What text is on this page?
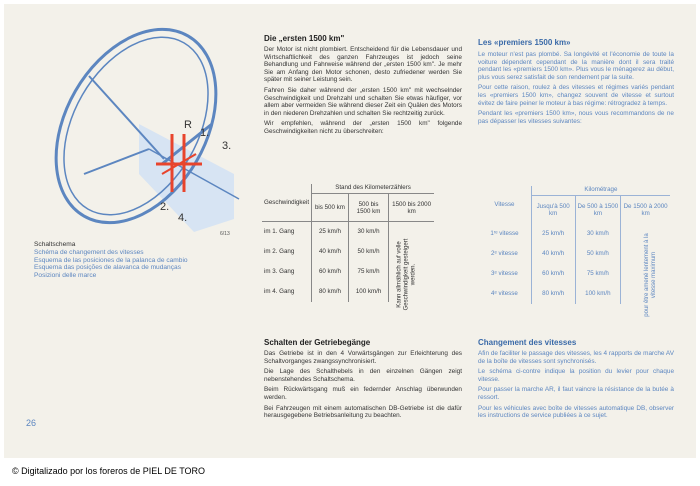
R
1.
3.
2.
4.
6/13
Schaltschema
Schéma de changement des vitesses
Esquema de las posiciones de la palanca de cambio
Esquema das posições de alavanca de mudanças
Posizioni delle marce
26
Die „ersten 1500 km"

Der Motor ist nicht plombiert. Entscheidend für die Lebensdauer und Wirtschaftlichkeit des ganzen Fahrzeuges ist jedoch seine Behandlung und Fahrweise während der „ersten 1500 km". Je mehr Sie am Anfang den Motor schonen, desto zufriedener werden Sie später mit seiner Leistung sein.

Fahren Sie daher während der „ersten 1500 km" mit wechselnder Geschwindigkeit und Drehzahl und schalten Sie etwas häufiger, vor allem aber vermeiden Sie während dieser Zeit ein Quälen des Motors in den niederen Drehzahlen und schalten Sie rechtzeitig zurück.

Wir empfehlen, während der „ersten 1500 km" folgende Geschwindigkeiten nicht zu überschreiten:

Les «premiers 1500 km»

Le moteur n'est pas plombé. Sa longévité et l'économie de toute la voiture dépendent cependant de la manière dont il sera traité pendant les «premiers 1500 km». Plus vous le ménagerez au début, plus vous serez satisfait de son rendement par la suite.

Pour cette raison, roulez à des vitesses et régimes variés pendant les «premiers 1500 km», changez souvent de vitesse et surtout évitez de faire peiner le moteur à bas régime: rétrogradez à temps.

Pendant les «premiers 1500 km», nous vous recommandons de ne pas dépasser les vitesses suivantes:

Geschwindigkeit	Stand des Kilometerzählers		
	bis 500 km	500 bis 1500 km	1500 bis 2000 km
im 1. Gang	25 km/h	30 km/h	
im 2. Gang	40 km/h	50 km/h	
im 3. Gang	60 km/h	75 km/h	
im 4. Gang	80 km/h	100 km/h		Kann allmählich auf volle Geschwindigkeit gesteigert werden.
Vitesse	Kilométrage		
	Jusqu'à 500 km	De 500 à 1500 km	De 1500 à 2000 km
1ʳᵉ vitesse	25 km/h	30 km/h	
2ᵉ vitesse	40 km/h	50 km/h	
3ᵉ vitesse	60 km/h	75 km/h	
4ᵉ vitesse	80 km/h	100 km/h		pour être amené lentement à la vitesse maximum
Schalten der Getriebegänge

Das Getriebe ist in den 4 Vorwärtsgängen zur Erleichterung des Schaltvorganges zwangssynchronisiert.

Die Lage des Schalthebels in den einzelnen Gängen zeigt nebenstehendes Schaltschema.

Beim Rückwärtsgang muß ein federnder Anschlag überwunden werden.

Bei Fahrzeugen mit einem automatischen DB-Getriebe ist die dafür herausgegebene Betriebsanleitung zu beachten.

Changement des vitesses

Afin de faciliter le passage des vitesses, les 4 rapports de marche AV de la boîte de vitesses sont synchronisés.

Le schéma ci-contre indique la position du levier pour chaque vitesse.

Pour passer la marche AR, il faut vaincre la résistance de la butée à ressort.

Pour les véhicules avec boîte de vitesses automatique DB, observer les instructions de service publiées à ce sujet.

© Digitalizado por los foreros de PIEL DE TORO
